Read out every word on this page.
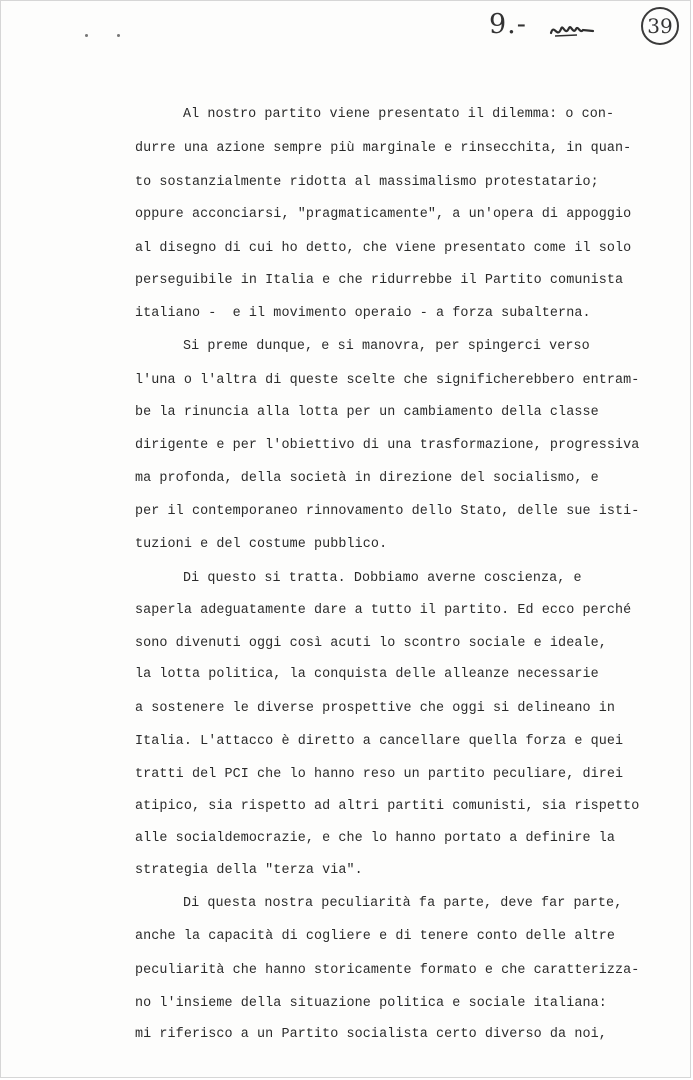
9.-	39
Al nostro partito viene presentato il dilemma: o con-
durre una azione sempre più marginale e rinsecchita, in quan-
to sostanzialmente ridotta al massimalismo protestatario;
oppure acconciarsi, "pragmaticamente", a un'opera di appoggio
al disegno di cui ho detto, che viene presentato come il solo
perseguibile in Italia e che ridurrebbe il Partito comunista
italiano -  e il movimento operaio - a forza subalterna.
Si preme dunque, e si manovra, per spingerci verso
l'una o l'altra di queste scelte che significherebbero entram-
be la rinuncia alla lotta per un cambiamento della classe
dirigente e per l'obiettivo di una trasformazione, progressiva
ma profonda, della società in direzione del socialismo, e
per il contemporaneo rinnovamento dello Stato, delle sue isti-
tuzioni e del costume pubblico.
Di questo si tratta. Dobbiamo averne coscienza, e
saperla adeguatamente dare a tutto il partito. Ed ecco perché
sono divenuti oggi così acuti lo scontro sociale e ideale,
la lotta politica, la conquista delle alleanze necessarie
a sostenere le diverse prospettive che oggi si delineano in
Italia. L'attacco è diretto a cancellare quella forza e quei
tratti del PCI che lo hanno reso un partito peculiare, direi
atipico, sia rispetto ad altri partiti comunisti, sia rispetto
alle socialdemocrazie, e che lo hanno portato a definire la
strategia della "terza via".
Di questa nostra peculiarità fa parte, deve far parte,
anche la capacità di cogliere e di tenere conto delle altre
peculiarità che hanno storicamente formato e che caratterizza-
no l'insieme della situazione politica e sociale italiana:
mi riferisco a un Partito socialista certo diverso da noi,
